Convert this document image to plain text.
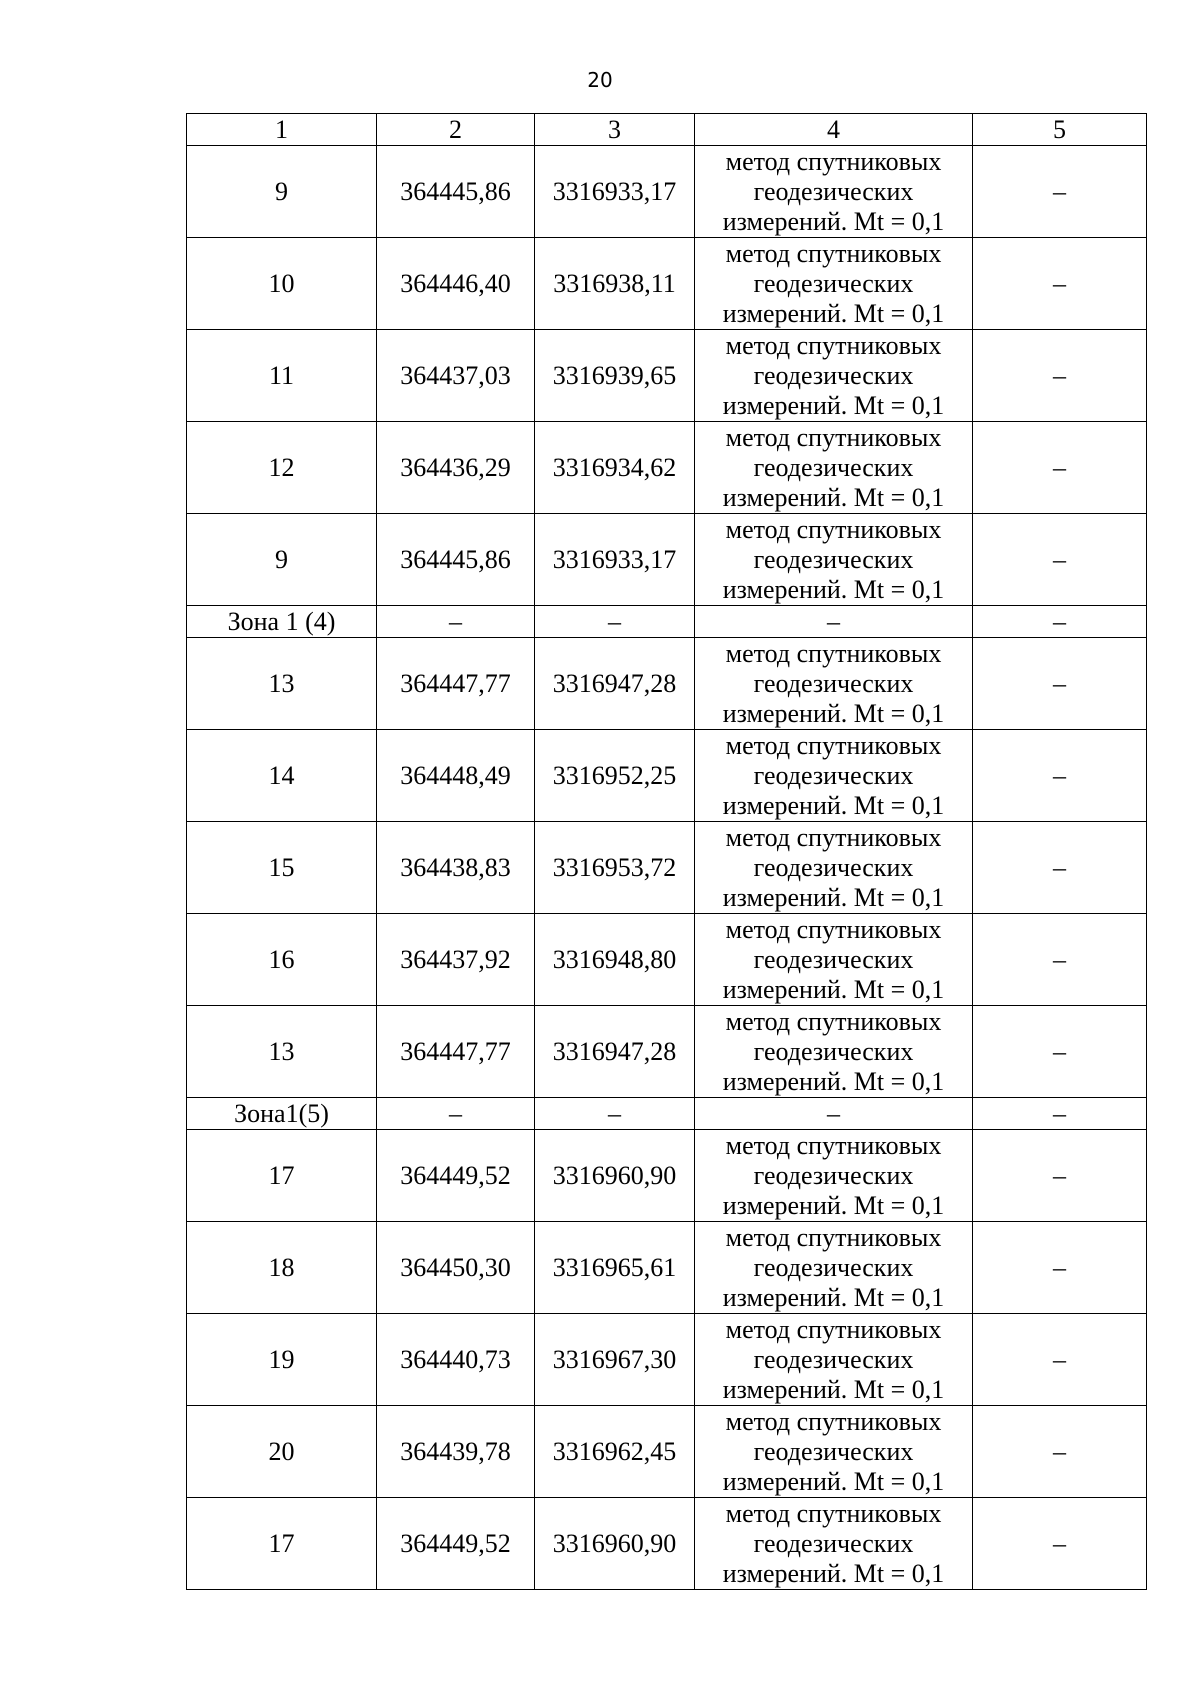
20
1	2	3	4	5
9	364445,86	3316933,17	метод спутниковых
геодезических
измерений. Mt = 0,1	–
10	364446,40	3316938,11	метод спутниковых
геодезических
измерений. Mt = 0,1	–
11	364437,03	3316939,65	метод спутниковых
геодезических
измерений. Mt = 0,1	–
12	364436,29	3316934,62	метод спутниковых
геодезических
измерений. Mt = 0,1	–
9	364445,86	3316933,17	метод спутниковых
геодезических
измерений. Mt = 0,1	–
Зона 1 (4)	–	–	–	–
13	364447,77	3316947,28	метод спутниковых
геодезических
измерений. Mt = 0,1	–
14	364448,49	3316952,25	метод спутниковых
геодезических
измерений. Mt = 0,1	–
15	364438,83	3316953,72	метод спутниковых
геодезических
измерений. Mt = 0,1	–
16	364437,92	3316948,80	метод спутниковых
геодезических
измерений. Mt = 0,1	–
13	364447,77	3316947,28	метод спутниковых
геодезических
измерений. Mt = 0,1	–
Зона1(5)	–	–	–	–
17	364449,52	3316960,90	метод спутниковых
геодезических
измерений. Mt = 0,1	–
18	364450,30	3316965,61	метод спутниковых
геодезических
измерений. Mt = 0,1	–
19	364440,73	3316967,30	метод спутниковых
геодезических
измерений. Mt = 0,1	–
20	364439,78	3316962,45	метод спутниковых
геодезических
измерений. Mt = 0,1	–
17	364449,52	3316960,90	метод спутниковых
геодезических
измерений. Mt = 0,1	–
